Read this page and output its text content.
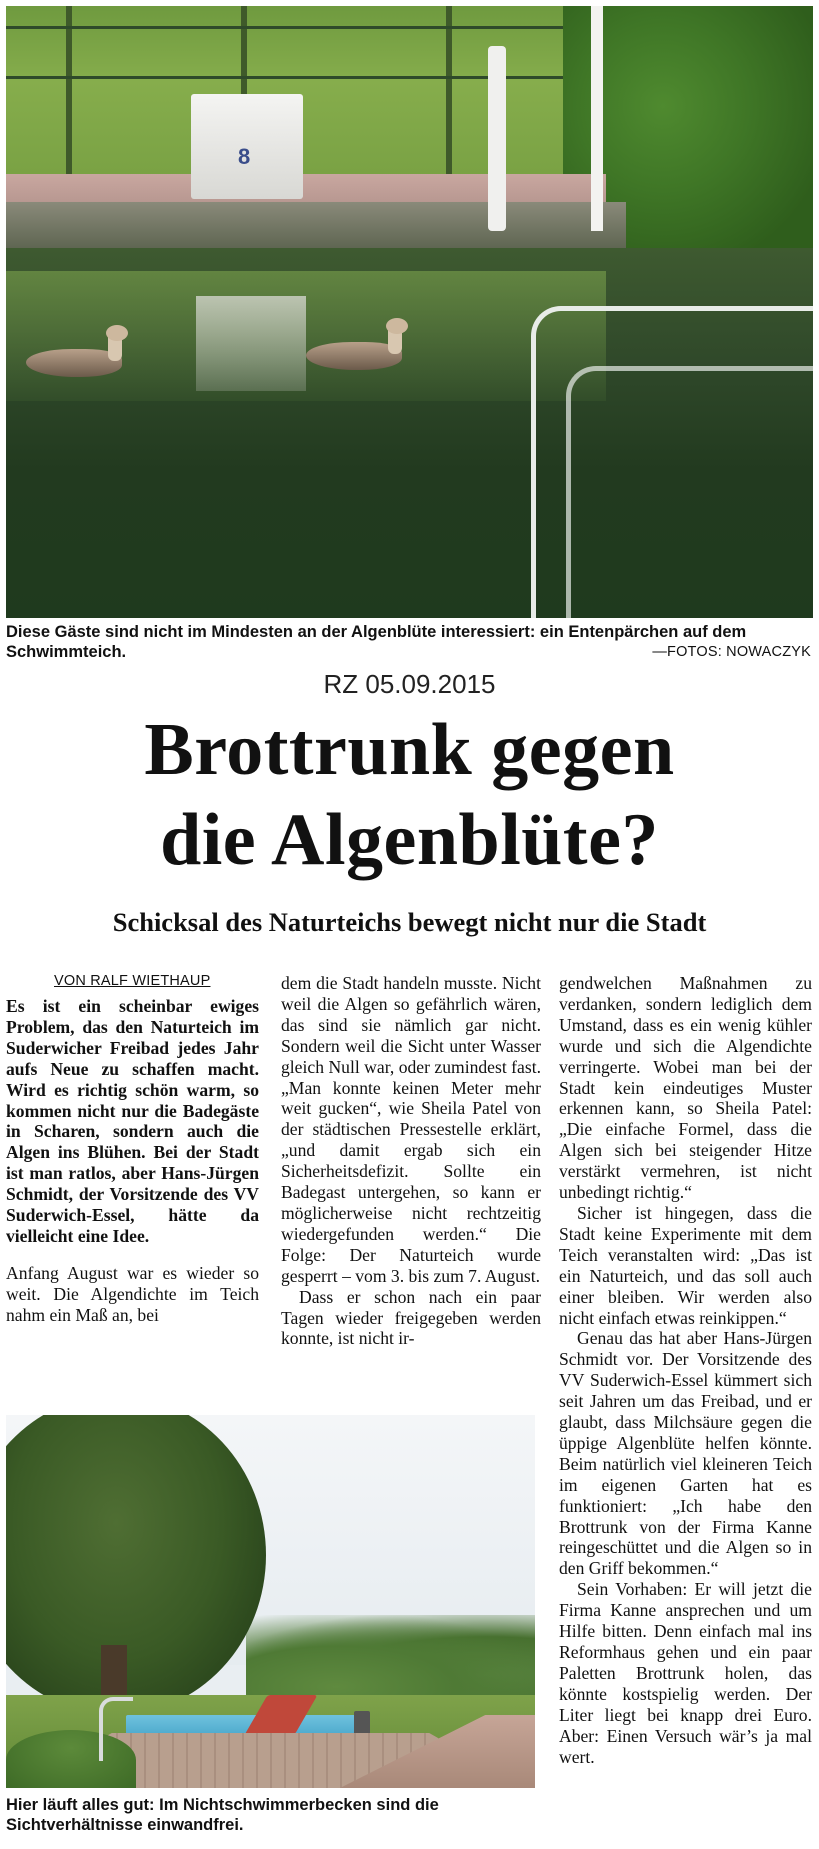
8
Diese Gäste sind nicht im Mindesten an der Algenblüte interessiert: ein Entenpärchen auf dem Schwimmteich.	—FOTOS: NOWACZYK
RZ 05.09.2015
Brottrunk gegen
die Algenblüte?
Schicksal des Naturteichs bewegt nicht nur die Stadt
VON RALF WIETHAUP

Es ist ein scheinbar ewiges Problem, das den Naturteich im Suderwicher Freibad jedes Jahr aufs Neue zu schaffen macht. Wird es richtig schön warm, so kommen nicht nur die Badegäste in Scharen, sondern auch die Algen ins Blühen. Bei der Stadt ist man ratlos, aber Hans-Jürgen Schmidt, der Vorsitzende des VV Suderwich-Essel, hätte da vielleicht eine Idee.

Anfang August war es wieder so weit. Die Algendichte im Teich nahm ein Maß an, bei

dem die Stadt handeln musste. Nicht weil die Algen so gefährlich wären, das sind sie nämlich gar nicht. Sondern weil die Sicht unter Wasser gleich Null war, oder zumindest fast. „Man konnte keinen Meter mehr weit gucken“, wie Sheila Patel von der städtischen Pressestelle erklärt, „und damit ergab sich ein Sicherheitsdefizit. Sollte ein Badegast untergehen, so kann er möglicherweise nicht rechtzeitig wiedergefunden werden.“ Die Folge: Der Naturteich wurde gesperrt – vom 3. bis zum 7. August.

Dass er schon nach ein paar Tagen wieder freigegeben werden konnte, ist nicht ir-

gendwelchen Maßnahmen zu verdanken, sondern lediglich dem Umstand, dass es ein wenig kühler wurde und sich die Algendichte verringerte. Wobei man bei der Stadt kein eindeutiges Muster erkennen kann, so Sheila Patel: „Die einfache Formel, dass die Algen sich bei steigender Hitze verstärkt vermehren, ist nicht unbedingt richtig.“

Sicher ist hingegen, dass die Stadt keine Experimente mit dem Teich veranstalten wird: „Das ist ein Naturteich, und das soll auch einer bleiben. Wir werden also nicht einfach etwas reinkippen.“

Genau das hat aber Hans-Jürgen Schmidt vor. Der Vorsitzende des VV Suderwich-Essel kümmert sich seit Jahren um das Freibad, und er glaubt, dass Milchsäure gegen die üppige Algenblüte helfen könnte. Beim natürlich viel kleineren Teich im eigenen Garten hat es funktioniert: „Ich habe den Brottrunk von der Firma Kanne reingeschüttet und die Algen so in den Griff bekommen.“

Sein Vorhaben: Er will jetzt die Firma Kanne ansprechen und um Hilfe bitten. Denn einfach mal ins Reformhaus gehen und ein paar Paletten Brottrunk holen, das könnte kostspielig werden. Der Liter liegt bei knapp drei Euro. Aber: Einen Versuch wär’s ja mal wert.

Hier läuft alles gut: Im Nichtschwimmerbecken sind die Sichtverhältnisse einwandfrei.
